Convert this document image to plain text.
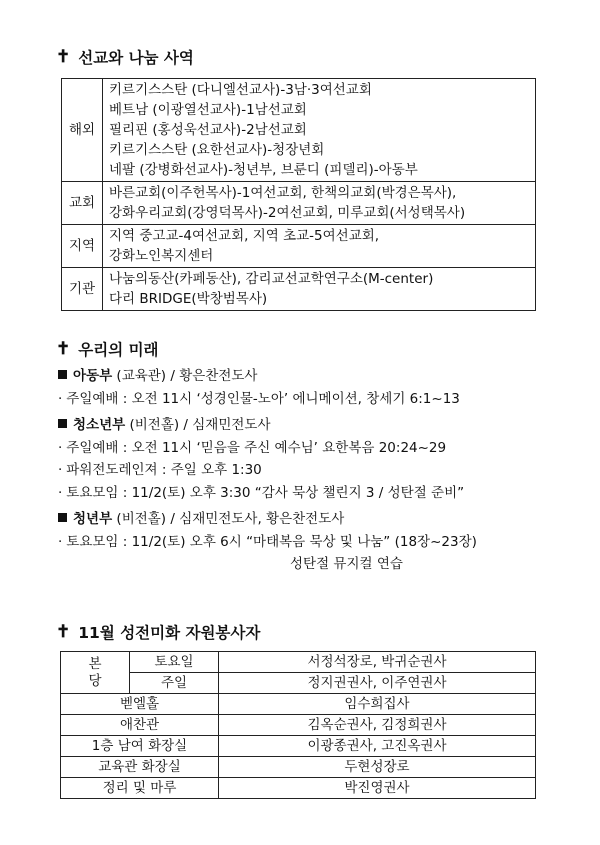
✝ 선교와 나눔 사역
해외	키르기스스탄 (다니엘선교사)-3남·3여선교회
베트남 (이광열선교사)-1남선교회
필리핀 (홍성욱선교사)-2남선교회
키르기스스탄 (요한선교사)-청장년회
네팔 (강병화선교사)-청년부, 브룬디 (피델리)-아동부

교회	바른교회(이주헌목사)-1여선교회, 한책의교회(박경은목사),
강화우리교회(강영덕목사)-2여선교회, 미루교회(서성택목사)

지역	지역 중고교-4여선교회, 지역 초교-5여선교회,
강화노인복지센터

기관	나눔의동산(카페동산), 감리교선교학연구소(M-center)
다리 BRIDGE(박창범목사)
✝ 우리의 미래
아동부 (교육관) / 황은찬전도사
· 주일예배 : 오전 11시 ‘성경인물-노아’ 에니메이션, 창세기 6:1~13
청소년부 (비전홀) / 심재민전도사
· 주일예배 : 오전 11시 ‘믿음을 주신 예수님’ 요한복음 20:24~29
· 파워전도레인져 : 주일 오후 1:30
· 토요모임 : 11/2(토) 오후 3:30 “감사 묵상 챌린지 3 / 성탄절 준비”
청년부 (비전홀) / 심재민전도사, 황은찬전도사
· 토요모임 : 11/2(토) 오후 6시 “마태복음 묵상 및 나눔” (18장~23장)
성탄절 뮤지컬 연습
✝ 11월 성전미화 자원봉사자
본
당	토요일	서정석장로, 박귀순권사
	주일	정지권권사, 이주연권사
벧엘홀		임수희집사
애찬관		김옥순권사, 김정희권사
1층 남여 화장실		이광종권사, 고진옥권사
교육관 화장실		두현성장로
정리 및 마루		박진영권사
